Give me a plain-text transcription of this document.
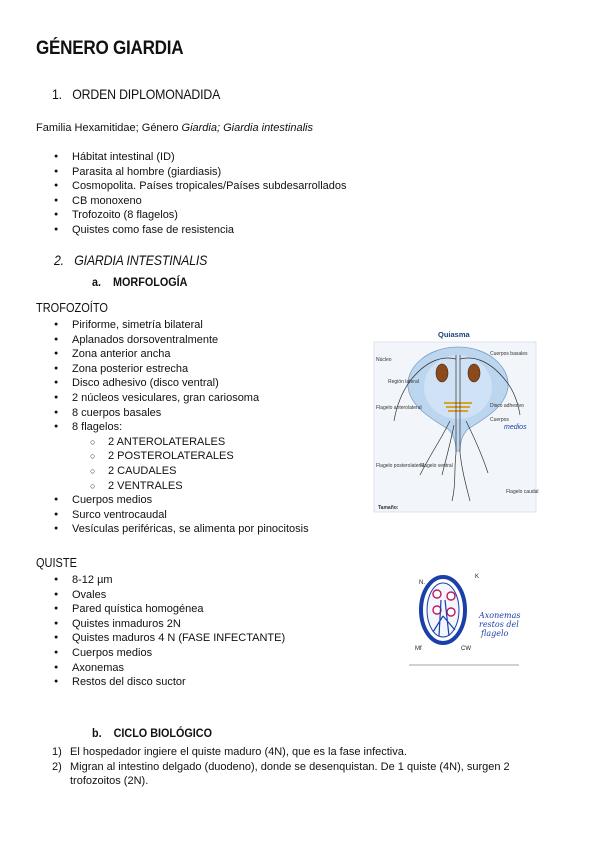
GÉNERO GIARDIA
1. ORDEN DIPLOMONADIDA
Familia Hexamitidae; Género Giardia; Giardia intestinalis
● Hábitat intestinal (ID)
● Parasita al hombre (giardiasis)
● Cosmopolita. Países tropicales/Países subdesarrollados
● CB monoxeno
● Trofozoito (8 flagelos)
● Quistes como fase de resistencia
2. GIARDIA INTESTINALIS
a. MORFOLOGÍA
TROFOZOÍTO
● Piriforme, simetría bilateral
● Aplanados dorsoventralmente
● Zona anterior ancha
● Zona posterior estrecha
● Disco adhesivo (disco ventral)
● 2 núcleos vesiculares, gran cariosoma
● 8 cuerpos basales
● 8 flagelos:
○ 2 ANTEROLATERALES
○ 2 POSTEROLATERALES
○ 2 CAUDALES
○ 2 VENTRALES
● Cuerpos medios
● Surco ventrocaudal
● Vesículas periféricas, se alimenta por pinocitosis
Quiasma
Núcleo
Región lateral
Flagelo anterolateral
Cuerpos basales
Disco adhesivo
Cuerpos
medios
Flagelo posterolateral
Flagelo ventral
Flagelo caudal
Tamaño:
QUISTE
● 8-12 µm
● Ovales
● Pared quística homogénea
● Quistes inmaduros 2N
● Quistes maduros 4 N (FASE INFECTANTE)
● Cuerpos medios
● Axonemas
● Restos del disco suctor
N.
K
Mf	CW
Axonemas
restos del
flagelo
b. CICLO BIOLÓGICO
1) El hospedador ingiere el quiste maduro (4N), que es la fase infectiva.
2) Migran al intestino delgado (duodeno), donde se desenquistan. De 1 quiste (4N), surgen 2 trofozoitos (2N).
